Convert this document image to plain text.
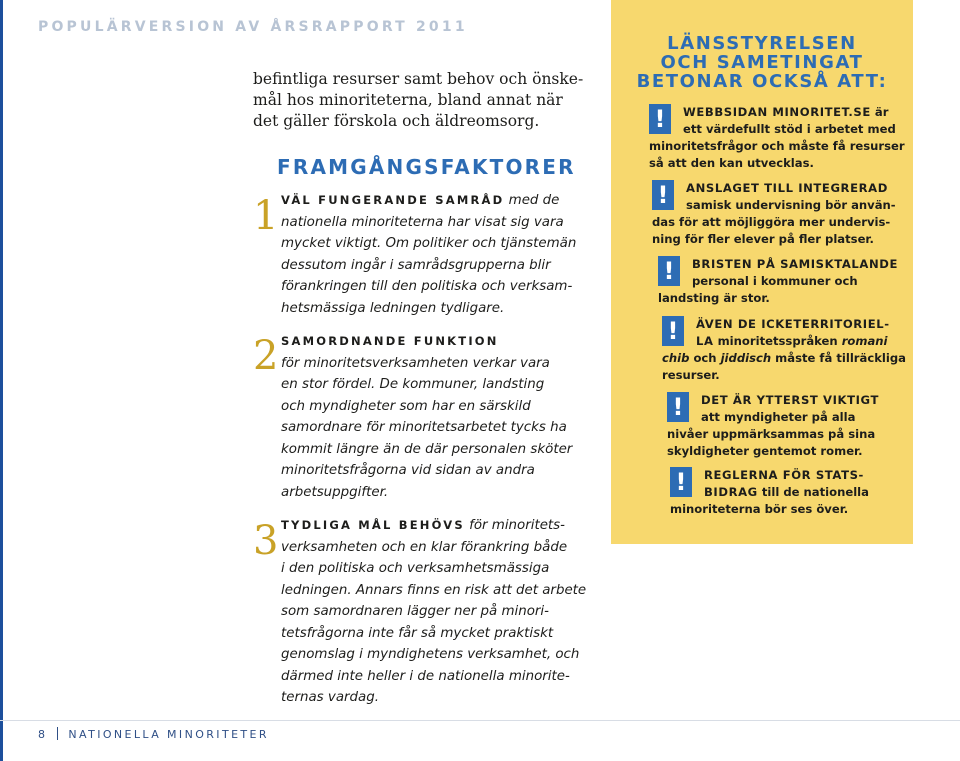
POPULÄRVERSION AV ÅRSRAPPORT 2011

befintliga resurser samt behov och önske-

mål hos minoriteterna, bland annat när

det gäller förskola och äldreomsorg.

FRAMGÅNGSFAKTORER
1 VÄL FUNGERANDE SAMRÅD med de

nationella minoriteterna har visat sig vara

mycket viktigt. Om politiker och tjänstemän

dessutom ingår i samrådsgrupperna blir

förankringen till den politiska och verksam-

hetsmässiga ledningen tydligare.

2 SAMORDNANDE FUNKTION

för minoritetsverksamheten verkar vara

en stor fördel. De kommuner, landsting

och myndigheter som har en särskild

samordnare för minoritetsarbetet tycks ha

kommit längre än de där personalen sköter

minoritetsfrågorna vid sidan av andra

arbetsuppgifter.

3 TYDLIGA MÅL BEHÖVS för minoritets-

verksamheten och en klar förankring både

i den politiska och verksamhetsmässiga

ledningen. Annars finns en risk att det arbete

som samordnaren lägger ner på minori-

tetsfrågorna inte får så mycket praktiskt

genomslag i myndighetens verksamhet, och

därmed inte heller i de nationella minorite-

ternas vardag.

8 NATIONELLA MINORITETER
LÄNSSTYRELSEN
OCH SAMETINGAT
BETONAR OCKSÅ ATT:
!	WEBBSIDAN MINORITET.SE är

ett värdefullt stöd i arbetet med

minoritetsfrågor och måste få resurser

så att den kan utvecklas.

!	ANSLAGET TILL INTEGRERAD

samisk undervisning bör använ-

das för att möjliggöra mer undervis-

ning för fler elever på fler platser.

!	BRISTEN PÅ SAMISKTALANDE

personal i kommuner och

landsting är stor.

!	ÄVEN DE ICKETERRITORIEL-

LA minoritetsspråken romani

chib och jiddisch måste få tillräckliga

resurser.

!	DET ÄR YTTERST VIKTIGT

att myndigheter på alla

nivåer uppmärksammas på sina

skyldigheter gentemot romer.

!	REGLERNA FÖR STATS-

BIDRAG till de nationella

minoriteterna bör ses över.
